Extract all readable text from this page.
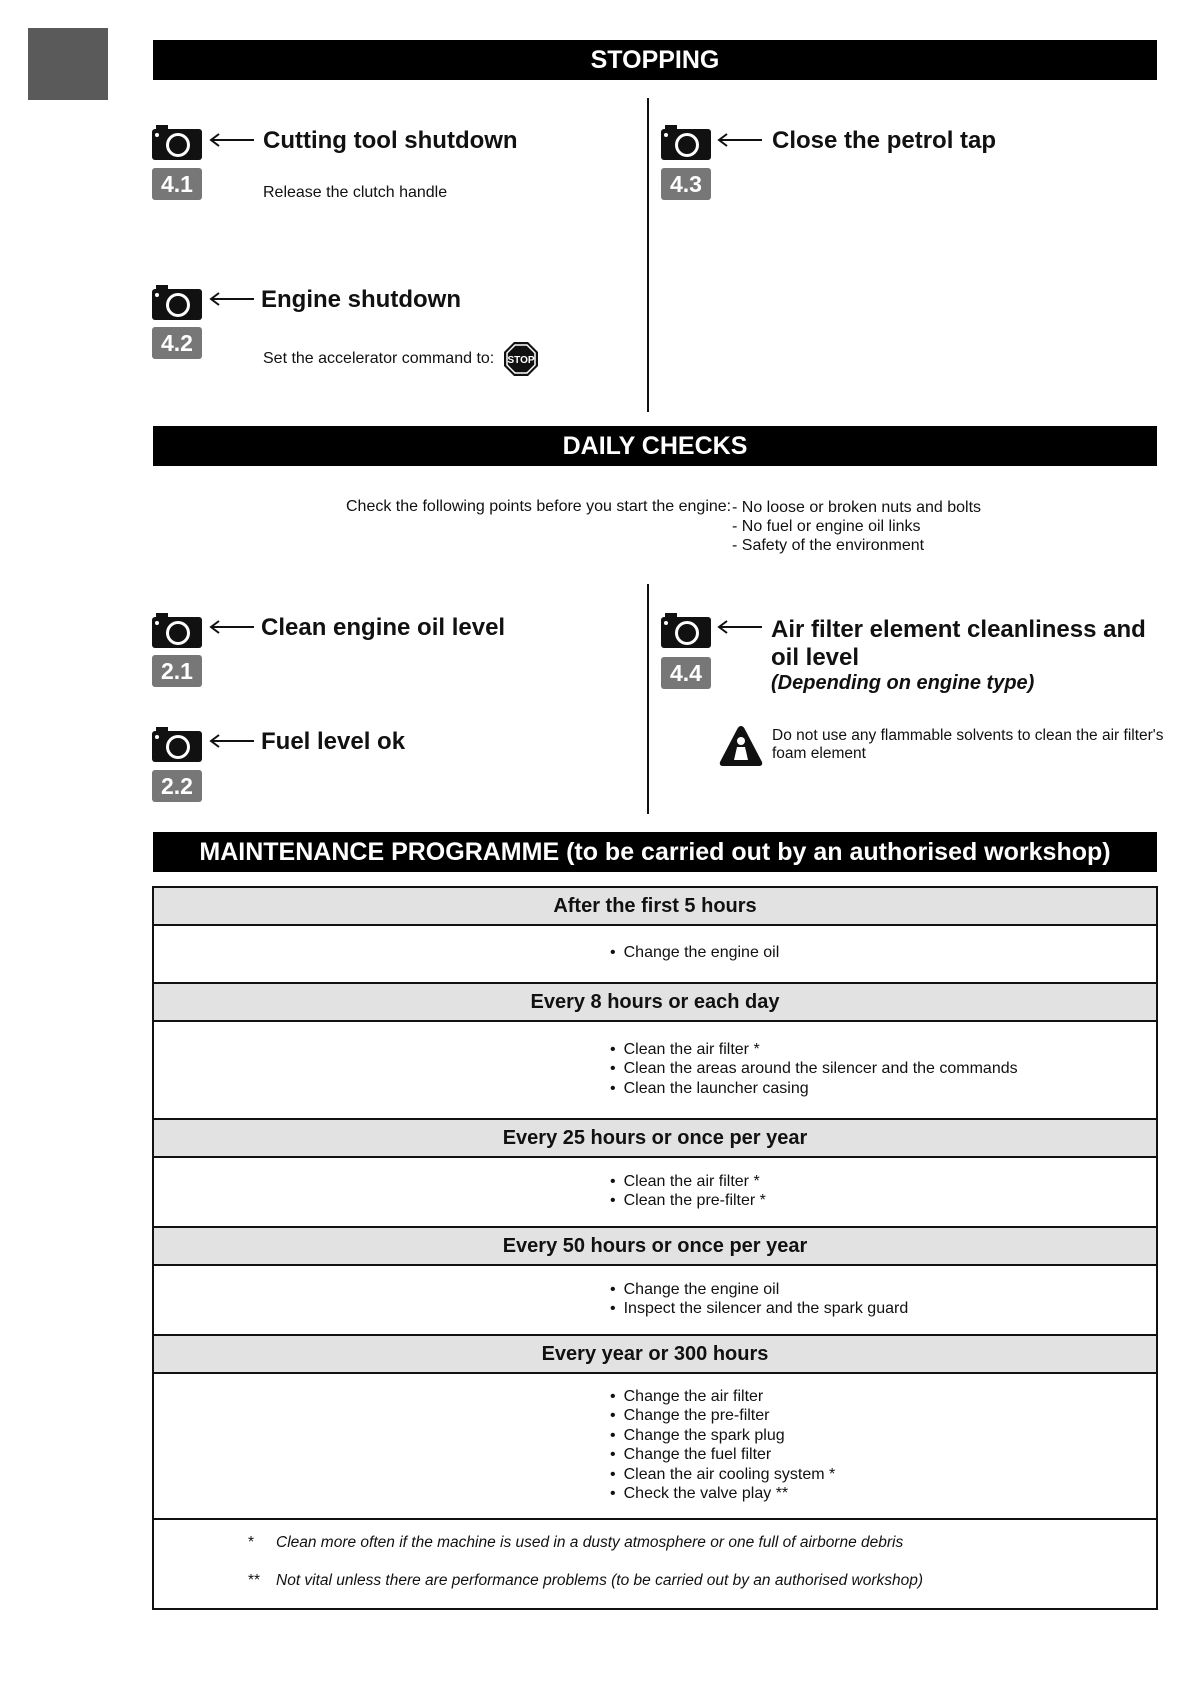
STOPPING
4.1
Cutting tool shutdown
Release the clutch handle
4.2
Engine shutdown
Set the accelerator command to: STOP
4.3
Close the petrol tap
DAILY CHECKS
Check the following points before you start the engine: - No loose or broken nuts and bolts
- No fuel or engine oil links
- Safety of the environment
2.1
Clean engine oil level
2.2
Fuel level ok
4.4
Air filter element cleanliness and
oil level
(Depending on engine type)
Do not use any flammable solvents to clean the air filter's
foam element
MAINTENANCE PROGRAMME (to be carried out by an authorised workshop)
After the first 5 hours

• Change the engine oil

Every 8 hours or each day

• Clean the air filter *
• Clean the areas around the silencer and the commands
• Clean the launcher casing

Every 25 hours or once per year

• Clean the air filter *
• Clean the pre-filter *

Every 50 hours or once per year

• Change the engine oil
• Inspect the silencer and the spark guard

Every year or 300 hours

• Change the air filter
• Change the pre-filter
• Change the spark plug
• Change the fuel filter
• Clean the air cooling system *
• Check the valve play **

* Clean more often if the machine is used in a dusty atmosphere or one full of airborne debris
** Not vital unless there are performance problems (to be carried out by an authorised workshop)
